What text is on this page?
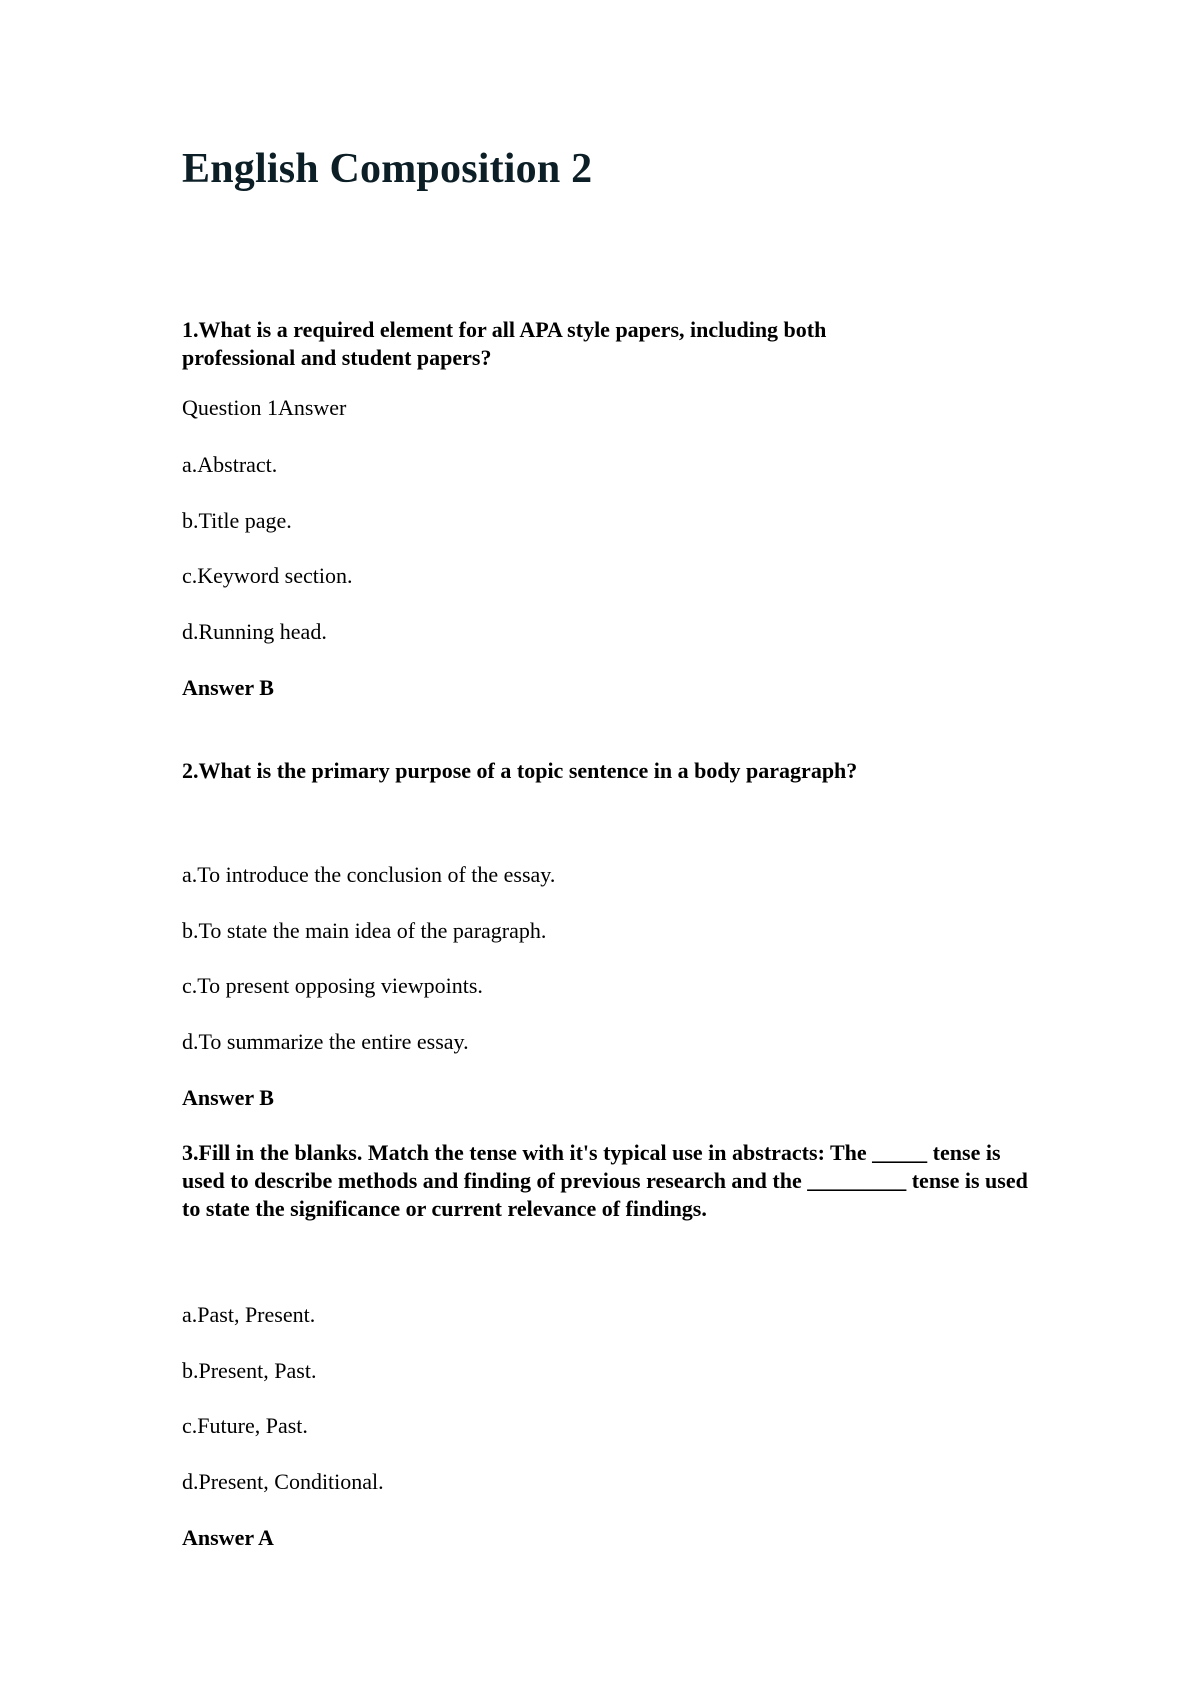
English Composition 2

1.What is a required element for all APA style papers, including both professional and student papers?

Question 1Answer

a.Abstract.

b.Title page.

c.Keyword section.

d.Running head.

Answer B

2.What is the primary purpose of a topic sentence in a body paragraph?

a.To introduce the conclusion of the essay.

b.To state the main idea of the paragraph.

c.To present opposing viewpoints.

d.To summarize the entire essay.

Answer B

3.Fill in the blanks. Match the tense with it's typical use in abstracts: The _____ tense is used to describe methods and finding of previous research and the _________ tense is used to state the significance or current relevance of findings.

a.Past, Present.

b.Present, Past.

c.Future, Past.

d.Present, Conditional.

Answer A
